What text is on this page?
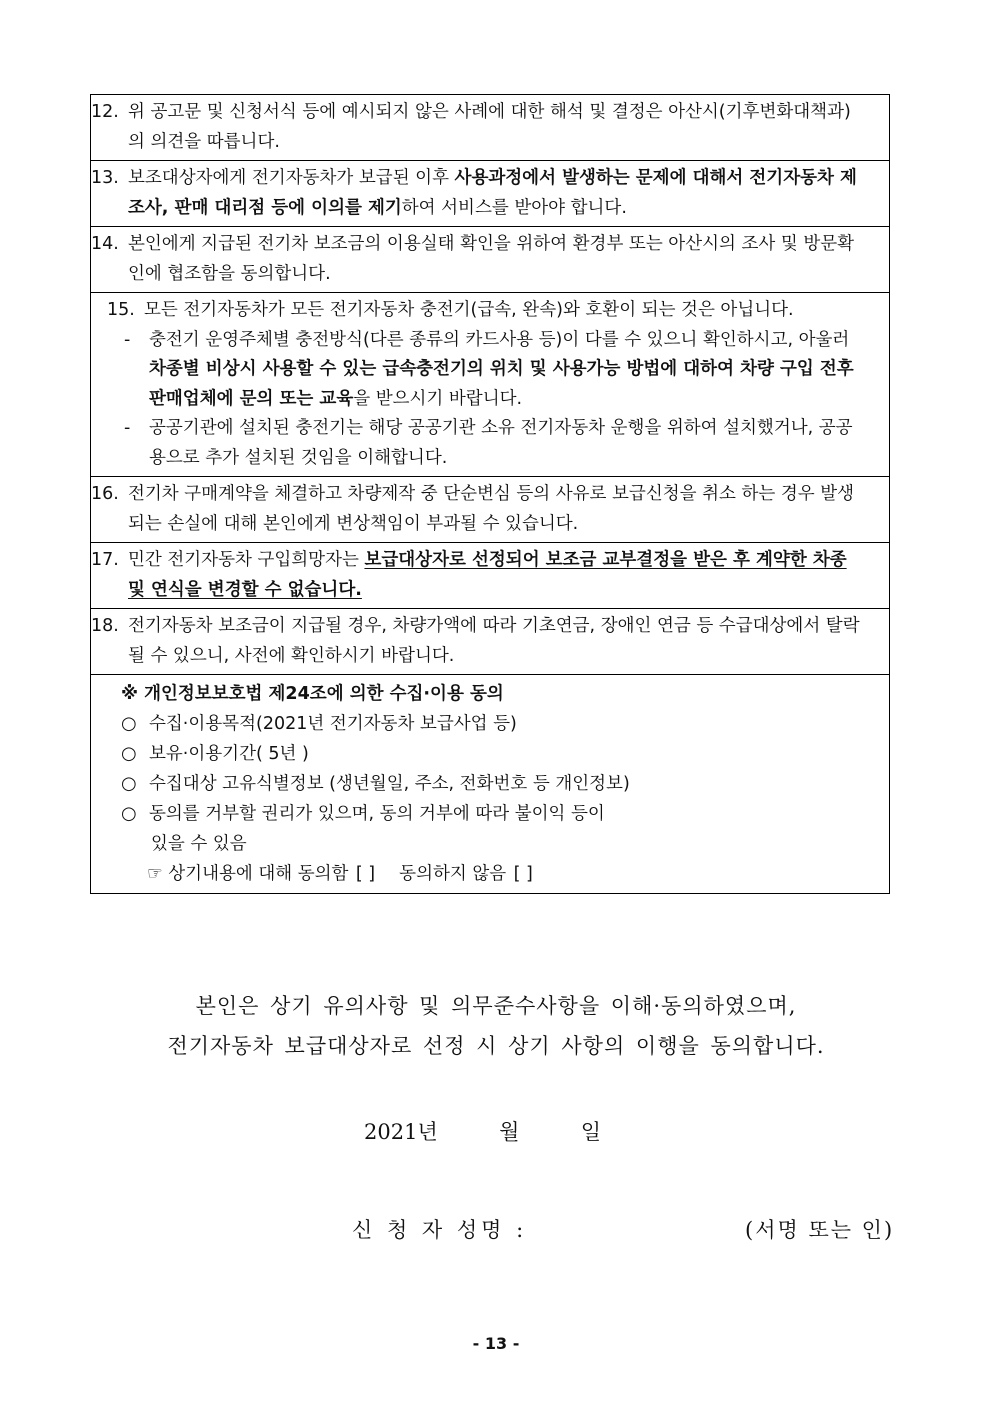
12. 위 공고문 및 신청서식 등에 예시되지 않은 사례에 대한 해석 및 결정은 아산시(기후변화대책과)의 의견을 따릅니다.
13. 보조대상자에게 전기자동차가 보급된 이후 사용과정에서 발생하는 문제에 대해서 전기자동차 제조사, 판매 대리점 등에 이의를 제기하여 서비스를 받아야 합니다.
14. 본인에게 지급된 전기차 보조금의 이용실태 확인을 위하여 환경부 또는 아산시의 조사 및 방문확인에 협조함을 동의합니다.
15. 모든 전기자동차가 모든 전기자동차 충전기(급속, 완속)와 호환이 되는 것은 아닙니다.
- 충전기 운영주체별 충전방식(다른 종류의 카드사용 등)이 다를 수 있으니 확인하시고, 아울러 차종별 비상시 사용할 수 있는 급속충전기의 위치 및 사용가능 방법에 대하여 차량 구입 전후 판매업체에 문의 또는 교육을 받으시기 바랍니다.
- 공공기관에 설치된 충전기는 해당 공공기관 소유 전기자동차 운행을 위하여 설치했거나, 공공용으로 추가 설치된 것임을 이해합니다.
16. 전기차 구매계약을 체결하고 차량제작 중 단순변심 등의 사유로 보급신청을 취소 하는 경우 발생되는 손실에 대해 본인에게 변상책임이 부과될 수 있습니다.
17. 민간 전기자동차 구입희망자는 보급대상자로 선정되어 보조금 교부결정을 받은 후 계약한 차종 및 연식을 변경할 수 없습니다.
18. 전기자동차 보조금이 지급될 경우, 차량가액에 따라 기초연금, 장애인 연금 등 수급대상에서 탈락 될 수 있으니, 사전에 확인하시기 바랍니다.
※ 개인정보보호법 제24조에 의한 수집·이용 동의
○ 수집·이용목적(2021년 전기자동차 보급사업 등)
○ 보유·이용기간( 5년 )
○ 수집대상 고유식별정보 (생년월일, 주소, 전화번호 등 개인정보)
○ 동의를 거부할 권리가 있으며, 동의 거부에 따라 불이익 등이
있을 수 있음
☞ 상기내용에 대해 동의함 [ ] 동의하지 않음 [ ]
본인은 상기 유의사항 및 의무준수사항을 이해·동의하였으며,
전기자동차 보급대상자로 선정 시 상기 사항의 이행을 동의합니다.
2021년	월	일
신 청 자 성명 :	(서명 또는 인)
- 13 -
